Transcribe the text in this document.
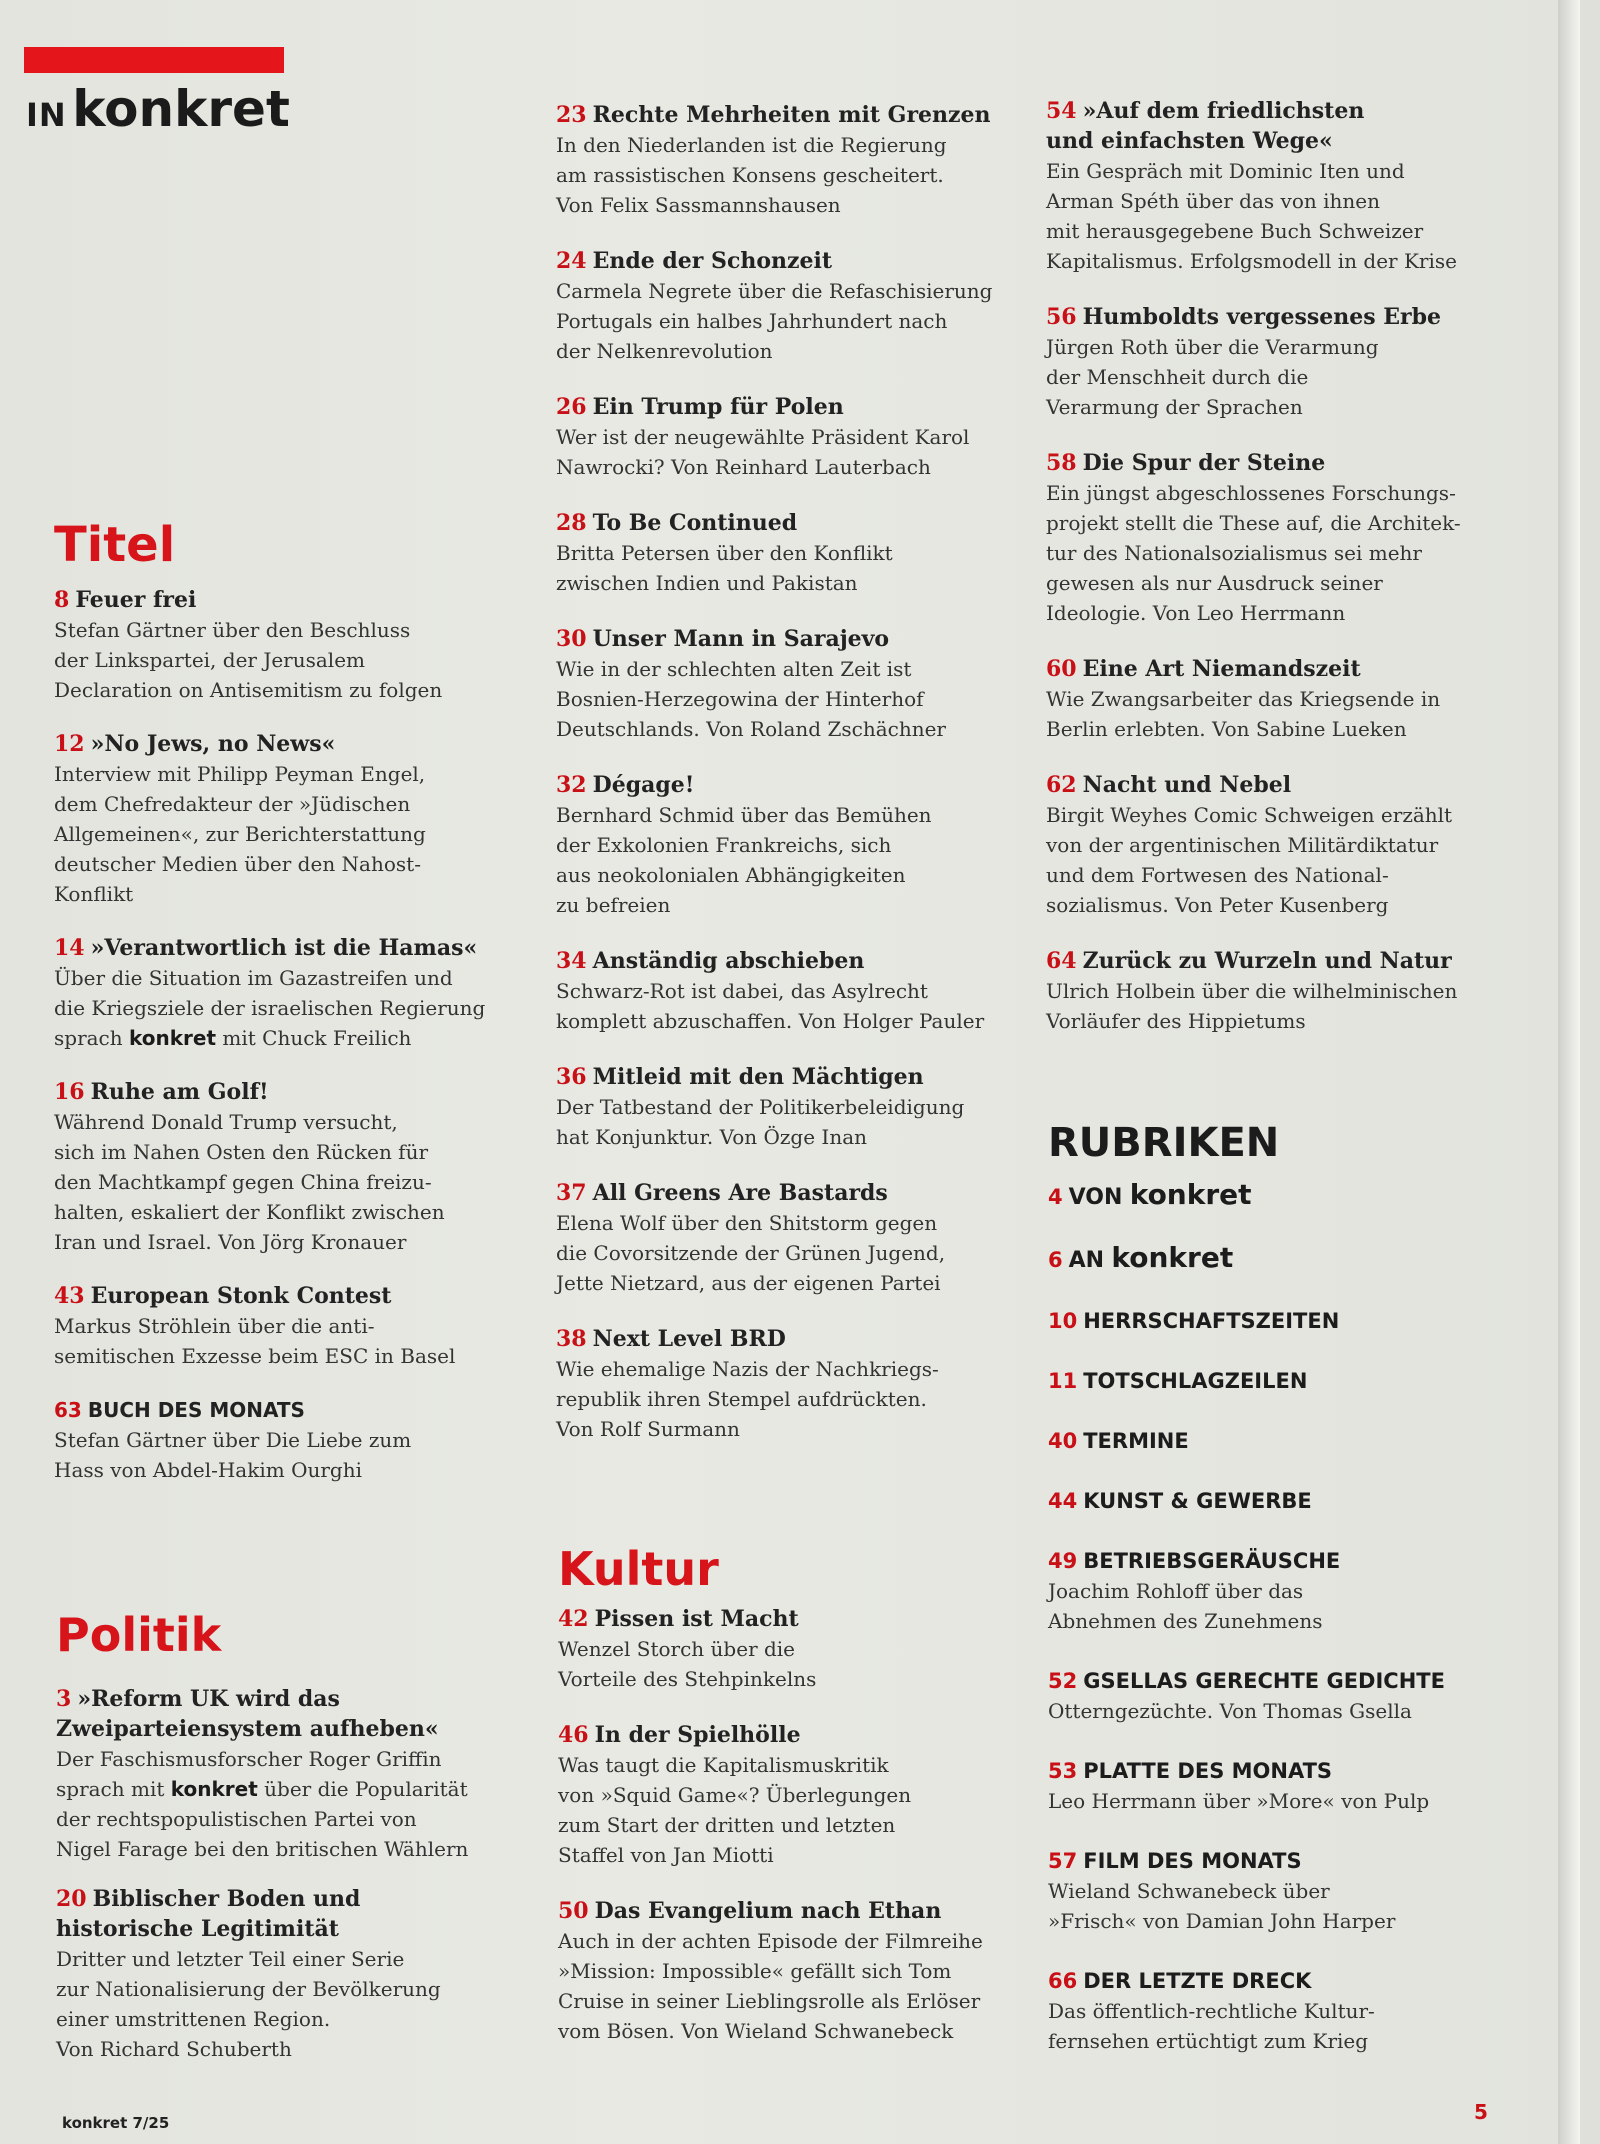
IN konkret
Titel
8 Feuer frei
Stefan Gärtner über den Beschluss
der Linkspartei, der Jerusalem
Declaration on Antisemitism zu folgen
12 »No Jews, no News«
Interview mit Philipp Peyman Engel,
dem Chefredakteur der »Jüdischen
Allgemeinen«, zur Berichterstattung
deutscher Medien über den Nahost-
Konflikt
14 »Verantwortlich ist die Hamas«
Über die Situation im Gazastreifen und
die Kriegsziele der israelischen Regierung
sprach konkret mit Chuck Freilich
16 Ruhe am Golf!
Während Donald Trump versucht,
sich im Nahen Osten den Rücken für
den Machtkampf gegen China freizu-
halten, eskaliert der Konflikt zwischen
Iran und Israel. Von Jörg Kronauer
43 European Stonk Contest
Markus Ströhlein über die anti-
semitischen Exzesse beim ESC in Basel
63 BUCH DES MONATS
Stefan Gärtner über Die Liebe zum
Hass von Abdel-Hakim Ourghi
Politik
3 »Reform UK wird das
Zweiparteiensystem aufheben«
Der Faschismusforscher Roger Griffin
sprach mit konkret über die Popularität
der rechtspopulistischen Partei von
Nigel Farage bei den britischen Wählern
20 Biblischer Boden und
historische Legitimität
Dritter und letzter Teil einer Serie
zur Nationalisierung der Bevölkerung
einer umstrittenen Region.
Von Richard Schuberth
23 Rechte Mehrheiten mit Grenzen
In den Niederlanden ist die Regierung
am rassistischen Konsens gescheitert.
Von Felix Sassmannshausen
24 Ende der Schonzeit
Carmela Negrete über die Refaschisierung
Portugals ein halbes Jahrhundert nach
der Nelkenrevolution
26 Ein Trump für Polen
Wer ist der neugewählte Präsident Karol
Nawrocki? Von Reinhard Lauterbach
28 To Be Continued
Britta Petersen über den Konflikt
zwischen Indien und Pakistan
30 Unser Mann in Sarajevo
Wie in der schlechten alten Zeit ist
Bosnien-Herzegowina der Hinterhof
Deutschlands. Von Roland Zschächner
32 Dégage!
Bernhard Schmid über das Bemühen
der Exkolonien Frankreichs, sich
aus neokolonialen Abhängigkeiten
zu befreien
34 Anständig abschieben
Schwarz-Rot ist dabei, das Asylrecht
komplett abzuschaffen. Von Holger Pauler
36 Mitleid mit den Mächtigen
Der Tatbestand der Politikerbeleidigung
hat Konjunktur. Von Özge Inan
37 All Greens Are Bastards
Elena Wolf über den Shitstorm gegen
die Covorsitzende der Grünen Jugend,
Jette Nietzard, aus der eigenen Partei
38 Next Level BRD
Wie ehemalige Nazis der Nachkriegs-
republik ihren Stempel aufdrückten.
Von Rolf Surmann
Kultur
42 Pissen ist Macht
Wenzel Storch über die
Vorteile des Stehpinkelns
46 In der Spielhölle
Was taugt die Kapitalismuskritik
von »Squid Game«? Überlegungen
zum Start der dritten und letzten
Staffel von Jan Miotti
50 Das Evangelium nach Ethan
Auch in der achten Episode der Filmreihe
»Mission: Impossible« gefällt sich Tom
Cruise in seiner Lieblingsrolle als Erlöser
vom Bösen. Von Wieland Schwanebeck
54 »Auf dem friedlichsten
und einfachsten Wege«
Ein Gespräch mit Dominic Iten und
Arman Spéth über das von ihnen
mit herausgegebene Buch Schweizer
Kapitalismus. Erfolgsmodell in der Krise
56 Humboldts vergessenes Erbe
Jürgen Roth über die Verarmung
der Menschheit durch die
Verarmung der Sprachen
58 Die Spur der Steine
Ein jüngst abgeschlossenes Forschungs-
projekt stellt die These auf, die Architek-
tur des Nationalsozialismus sei mehr
gewesen als nur Ausdruck seiner
Ideologie. Von Leo Herrmann
60 Eine Art Niemandszeit
Wie Zwangsarbeiter das Kriegsende in
Berlin erlebten. Von Sabine Lueken
62 Nacht und Nebel
Birgit Weyhes Comic Schweigen erzählt
von der argentinischen Militärdiktatur
und dem Fortwesen des National-
sozialismus. Von Peter Kusenberg
64 Zurück zu Wurzeln und Natur
Ulrich Holbein über die wilhelminischen
Vorläufer des Hippietums
RUBRIKEN
4 VON konkret
6 AN konkret
10 HERRSCHAFTSZEITEN
11 TOTSCHLAGZEILEN
40 TERMINE
44 KUNST & GEWERBE
49 BETRIEBSGERÄUSCHE
Joachim Rohloff über das
Abnehmen des Zunehmens
52 GSELLAS GERECHTE GEDICHTE
Otterngezüchte. Von Thomas Gsella
53 PLATTE DES MONATS
Leo Herrmann über »More« von Pulp
57 FILM DES MONATS
Wieland Schwanebeck über
»Frisch« von Damian John Harper
66 DER LETZTE DRECK
Das öffentlich-rechtliche Kultur-
fernsehen ertüchtigt zum Krieg
konkret 7/25	5
